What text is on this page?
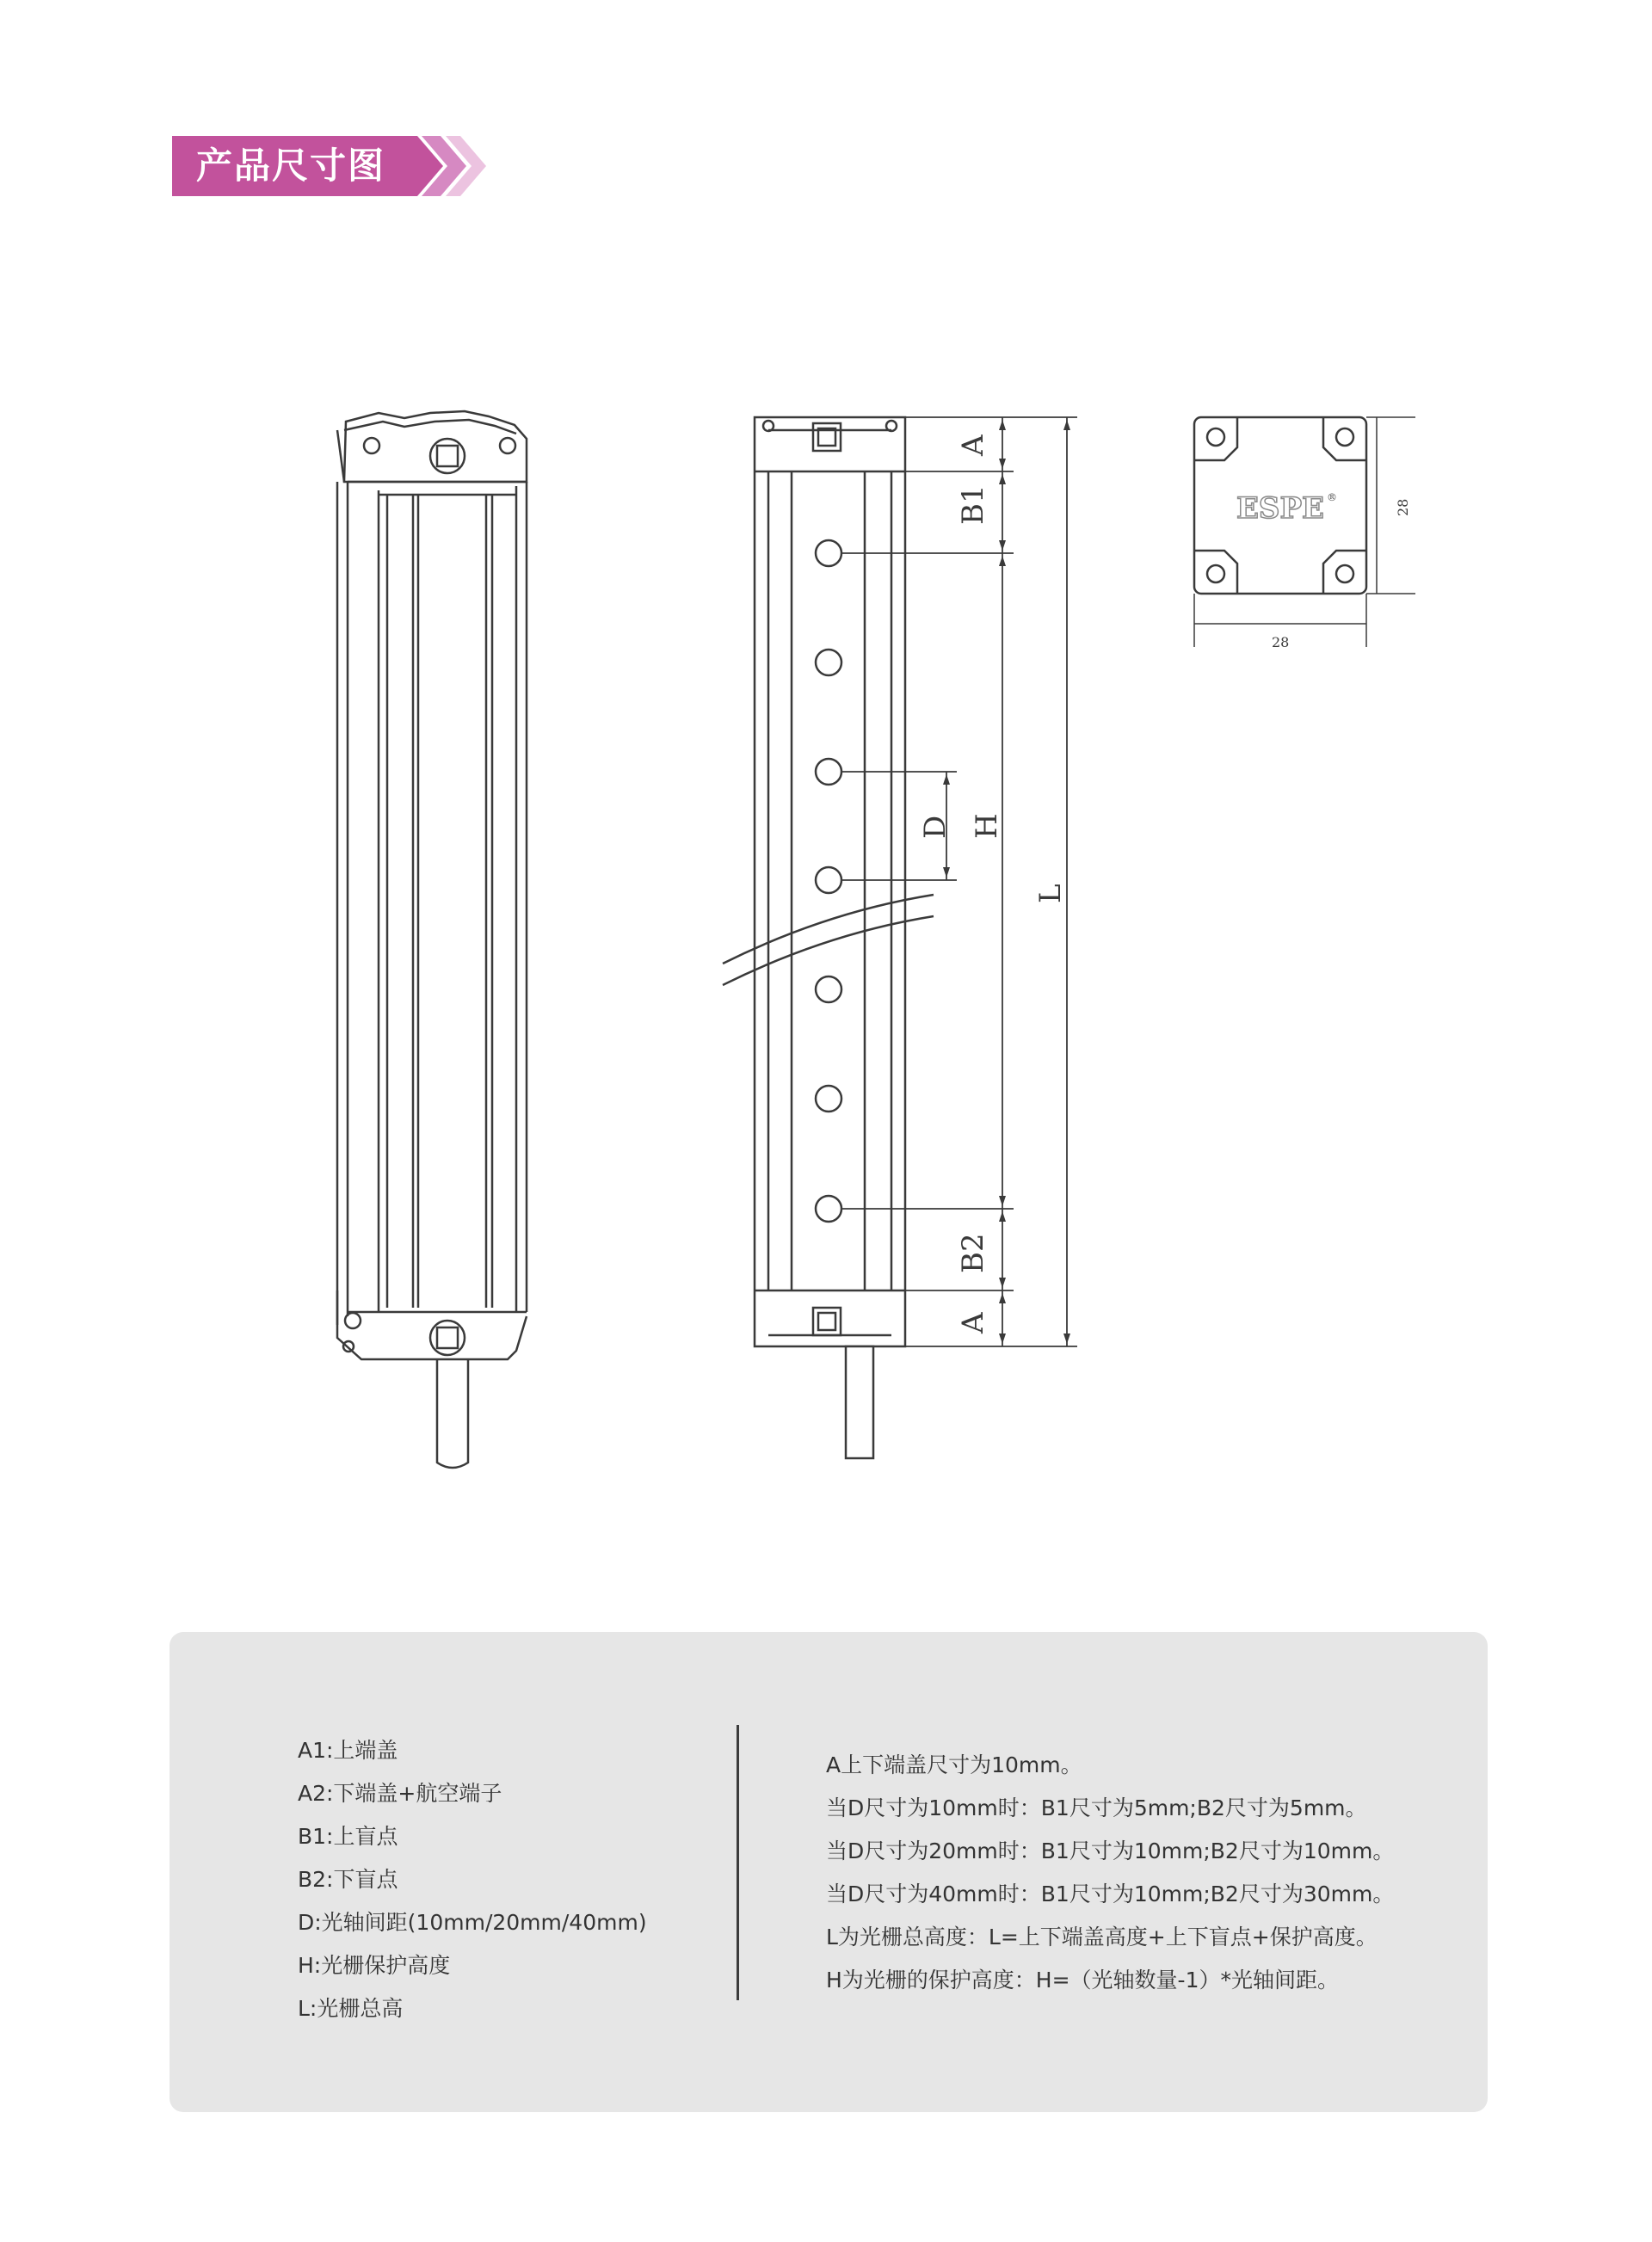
产品尺寸图
A
B1
D H
L
B2
A
ESPE ®
28
28
A1:上端盖
A2:下端盖+航空端子
B1:上盲点
B2:下盲点
D:光轴间距(10mm/20mm/40mm)
H:光栅保护高度
L:光栅总高
A上下端盖尺寸为10mm。
当D尺寸为10mm时：B1尺寸为5mm;B2尺寸为5mm。
当D尺寸为20mm时：B1尺寸为10mm;B2尺寸为10mm。
当D尺寸为40mm时：B1尺寸为10mm;B2尺寸为30mm。
L为光栅总高度：L=上下端盖高度+上下盲点+保护高度。
H为光栅的保护高度：H=（光轴数量-1）*光轴间距。
